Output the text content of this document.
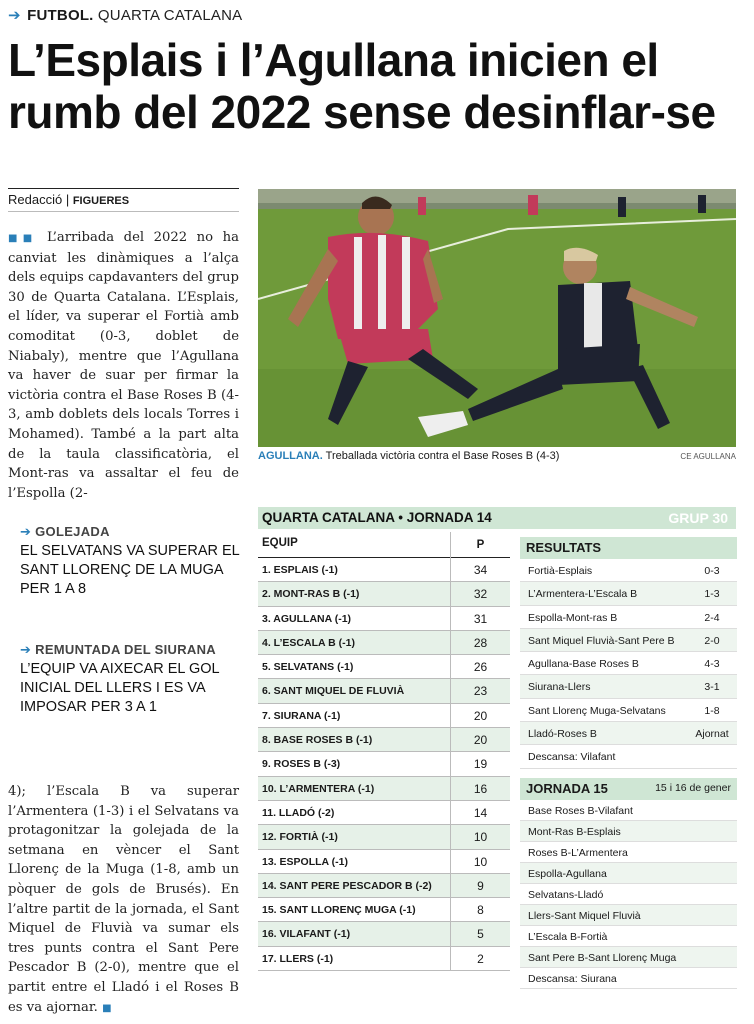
➔ FUTBOL. QUARTA CATALANA
L’Esplais i l’Agullana inicien el rumb del 2022 sense desinflar-se
Redacció | FIGUERES

■■ L’arribada del 2022 no ha canviat les dinàmiques a l’alça dels equips capdavanters del grup 30 de Quarta Catalana. L’Esplais, el líder, va superar el Fortià amb comoditat (0-3, doblet de Niabaly), mentre que l’Agullana va haver de suar per firmar la victòria contra el Base Roses B (4-3, amb doblets dels locals Torres i Mohamed). També a la part alta de la taula classificatòria, el Mont-ras va assaltar el feu de l’Espolla (2-

➔ GOLEJADA
EL SELVATANS VA SUPERAR EL SANT LLORENÇ DE LA MUGA PER 1 A 8
➔ REMUNTADA DEL SIURANA
L’EQUIP VA AIXECAR EL GOL INICIAL DEL LLERS I ES VA IMPOSAR PER 3 A 1

4); l’Escala B va superar l’Armentera (1-3) i el Selvatans va protagonitzar la golejada de la setmana en vèncer el Sant Llorenç de la Muga (1-8, amb un pòquer de gols de Brusés). En l’altre partit de la jornada, el Sant Miquel de Fluvià va sumar els tres punts contra el Sant Pere Pescador B (2-0), mentre que el partit entre el Lladó i el Roses B es va ajornar. ■

AGULLANA. Treballada victòria contra el Base Roses B (4-3)	CE AGULLANA
QUARTA CATALANA • JORNADA 14	GRUP 30
EQUIP	P
1. ESPLAIS (-1)	34
2. MONT-RAS B (-1)	32
3. AGULLANA (-1)	31
4. L’ESCALA B (-1)	28
5. SELVATANS (-1)	26
6. SANT MIQUEL DE FLUVIÀ	23
7. SIURANA (-1)	20
8. BASE ROSES B (-1)	20
9. ROSES B (-3)	19
10. L’ARMENTERA (-1)	16
11. LLADÓ (-2)	14
12. FORTIÀ (-1)	10
13. ESPOLLA (-1)	10
14. SANT PERE PESCADOR B (-2)	9
15. SANT LLORENÇ MUGA (-1)	8
16. VILAFANT (-1)	5
17. LLERS (-1)	2
RESULTATS
Fortià-Esplais	0-3
L’Armentera-L’Escala B	1-3
Espolla-Mont-ras B	2-4
Sant Miquel Fluvià-Sant Pere B	2-0
Agullana-Base Roses B	4-3
Siurana-Llers	3-1
Sant Llorenç Muga-Selvatans	1-8
Lladó-Roses B	Ajornat
Descansa: Vilafant
JORNADA 15	15 i 16 de gener
Base Roses B-Vilafant
Mont-Ras B-Esplais
Roses B-L’Armentera
Espolla-Agullana
Selvatans-Lladó
Llers-Sant Miquel Fluvià
L’Escala B-Fortià
Sant Pere B-Sant Llorenç Muga
Descansa: Siurana
